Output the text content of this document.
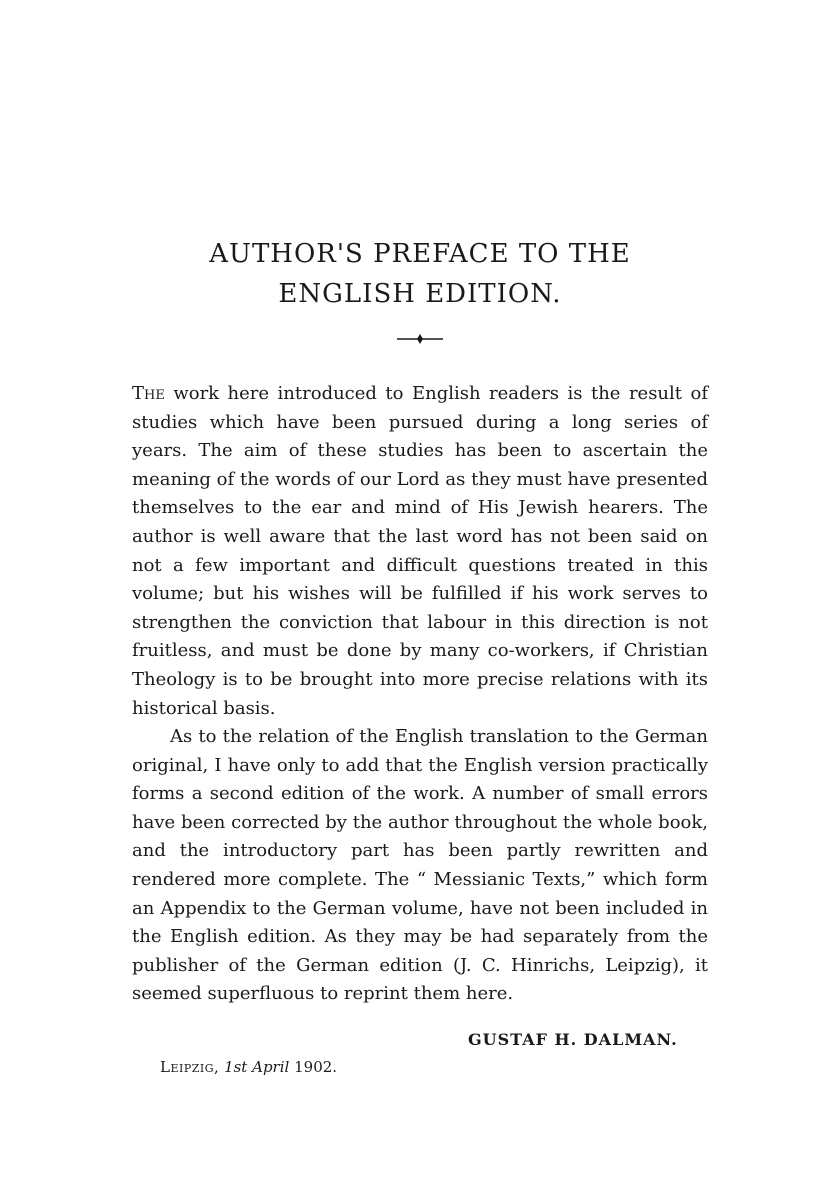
AUTHOR'S PREFACE TO THE
ENGLISH EDITION.

The work here introduced to English readers is the result of studies which have been pursued during a long series of years. The aim of these studies has been to ascertain the meaning of the words of our Lord as they must have presented themselves to the ear and mind of His Jewish hearers. The author is well aware that the last word has not been said on not a few important and difficult questions treated in this volume; but his wishes will be fulfilled if his work serves to strengthen the conviction that labour in this direction is not fruitless, and must be done by many co-workers, if Christian Theology is to be brought into more precise relations with its historical basis.

As to the relation of the English translation to the German original, I have only to add that the English version practically forms a second edition of the work. A number of small errors have been corrected by the author throughout the whole book, and the introductory part has been partly rewritten and rendered more complete. The “ Messianic Texts,” which form an Appendix to the German volume, have not been included in the English edition. As they may be had separately from the publisher of the German edition (J. C. Hinrichs, Leipzig), it seemed superfluous to reprint them here.

GUSTAF H. DALMAN.
Leipzig, 1st April 1902.
